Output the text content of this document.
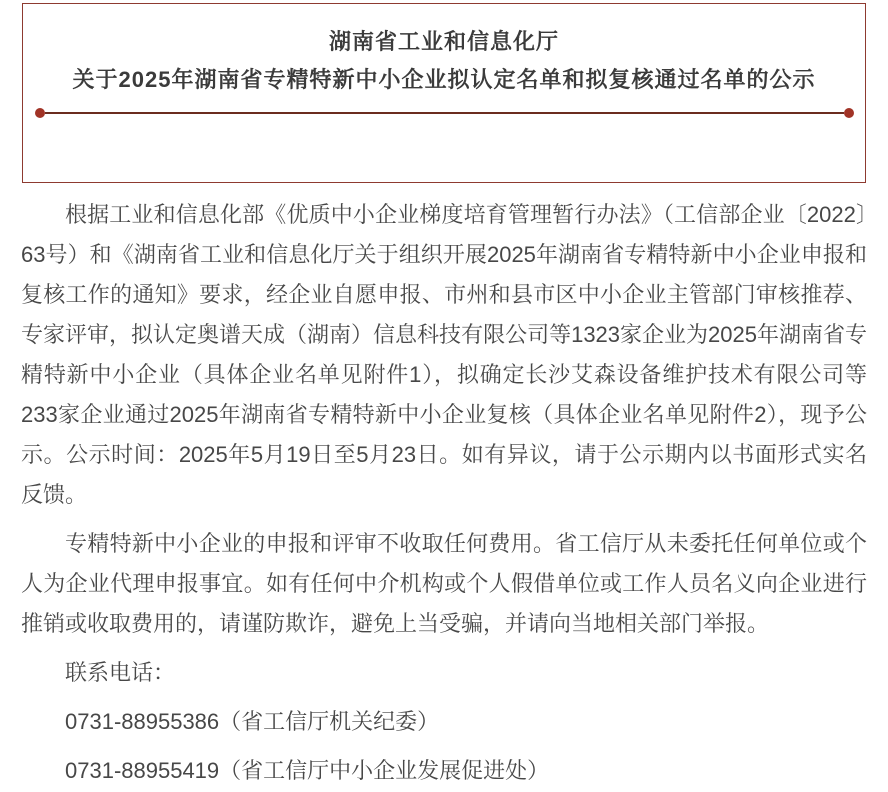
湖南省工业和信息化厅
关于2025年湖南省专精特新中小企业拟认定名单和拟复核通过名单的公示

根据工业和信息化部《优质中小企业梯度培育管理暂行办法》（工信部企业〔2022〕63号）和《湖南省工业和信息化厅关于组织开展2025年湖南省专精特新中小企业申报和复核工作的通知》要求，经企业自愿申报、市州和县市区中小企业主管部门审核推荐、专家评审，拟认定奥谱天成（湖南）信息科技有限公司等1323家企业为2025年湖南省专精特新中小企业（具体企业名单见附件1），拟确定长沙艾森设备维护技术有限公司等233家企业通过2025年湖南省专精特新中小企业复核（具体企业名单见附件2），现予公示。公示时间：2025年5月19日至5月23日。如有异议，请于公示期内以书面形式实名反馈。

专精特新中小企业的申报和评审不收取任何费用。省工信厅从未委托任何单位或个人为企业代理申报事宜。如有任何中介机构或个人假借单位或工作人员名义向企业进行推销或收取费用的，请谨防欺诈，避免上当受骗，并请向当地相关部门举报。

联系电话：

0731-88955386（省工信厅机关纪委）

0731-88955419（省工信厅中小企业发展促进处）
